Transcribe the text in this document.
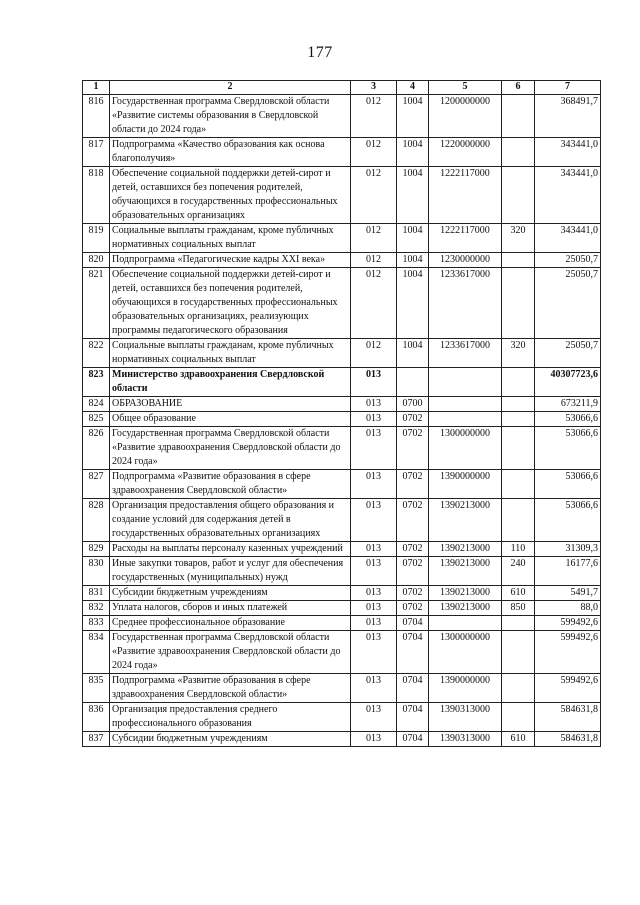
177
1	2	3	4	5	6	7
816	Государственная программа Свердловской области «Развитие системы образования в Свердловской области до 2024 года»	012	1004	1200000000		368491,7
817	Подпрограмма «Качество образования как основа благополучия»	012	1004	1220000000		343441,0
818	Обеспечение социальной поддержки детей-сирот и детей, оставшихся без попечения родителей, обучающихся в государственных профессиональных образовательных организациях	012	1004	1222117000		343441,0
819	Социальные выплаты гражданам, кроме публичных нормативных социальных выплат	012	1004	1222117000	320	343441,0
820	Подпрограмма «Педагогические кадры XXI века»	012	1004	1230000000		25050,7
821	Обеспечение социальной поддержки детей-сирот и детей, оставшихся без попечения родителей, обучающихся в государственных профессиональных образовательных организациях, реализующих программы педагогического образования	012	1004	1233617000		25050,7
822	Социальные выплаты гражданам, кроме публичных нормативных социальных выплат	012	1004	1233617000	320	25050,7
823	Министерство здравоохранения Свердловской области	013				40307723,6
824	ОБРАЗОВАНИЕ	013	0700			673211,9
825	Общее образование	013	0702			53066,6
826	Государственная программа Свердловской области «Развитие здравоохранения Свердловской области до 2024 года»	013	0702	1300000000		53066,6
827	Подпрограмма «Развитие образования в сфере здравоохранения Свердловской области»	013	0702	1390000000		53066,6
828	Организация предоставления общего образования и создание условий для содержания детей в государственных образовательных организациях	013	0702	1390213000		53066,6
829	Расходы на выплаты персоналу казенных учреждений	013	0702	1390213000	110	31309,3
830	Иные закупки товаров, работ и услуг для обеспечения государственных (муниципальных) нужд	013	0702	1390213000	240	16177,6
831	Субсидии бюджетным учреждениям	013	0702	1390213000	610	5491,7
832	Уплата налогов, сборов и иных платежей	013	0702	1390213000	850	88,0
833	Среднее профессиональное образование	013	0704			599492,6
834	Государственная программа Свердловской области «Развитие здравоохранения Свердловской области до 2024 года»	013	0704	1300000000		599492,6
835	Подпрограмма «Развитие образования в сфере здравоохранения Свердловской области»	013	0704	1390000000		599492,6
836	Организация предоставления среднего профессионального образования	013	0704	1390313000		584631,8
837	Субсидии бюджетным учреждениям	013	0704	1390313000	610	584631,8
